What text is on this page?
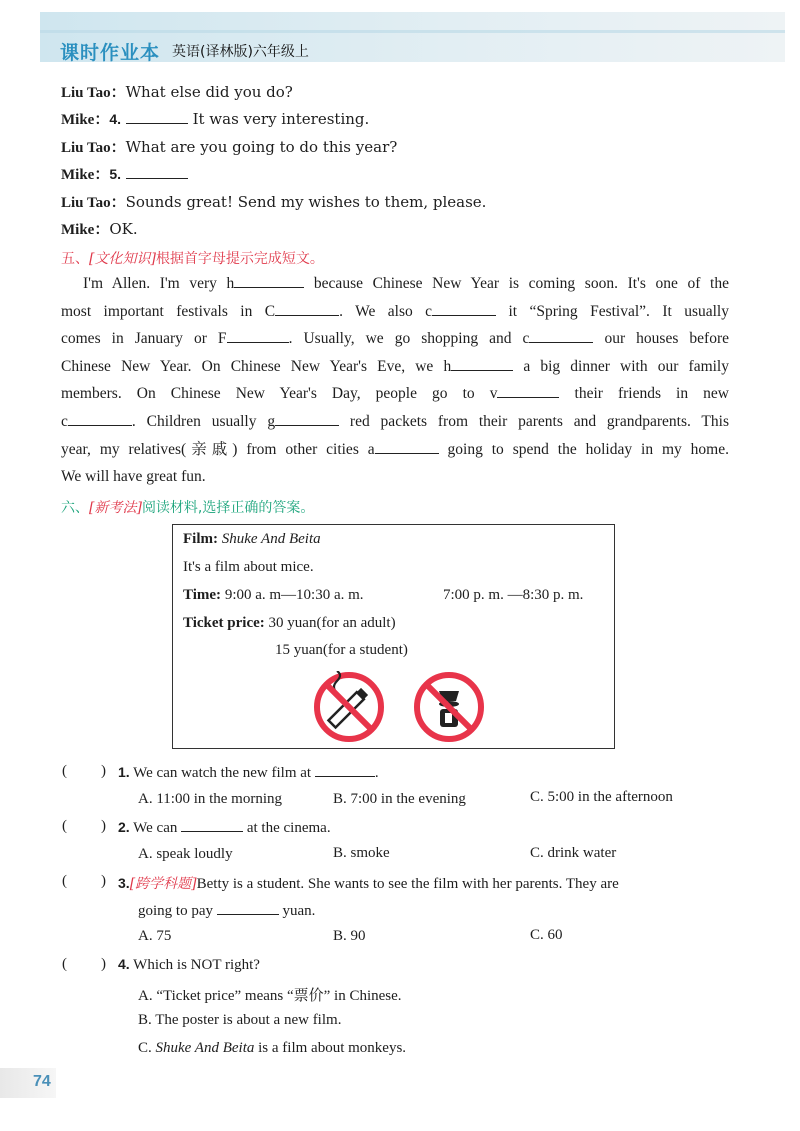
课时作业本 英语(译林版)六年级上
Liu Tao：What else did you do?
Mike：4.	It was very interesting.
Liu Tao：What are you going to do this year?
Mike：5.
Liu Tao：Sounds great! Send my wishes to them, please.
Mike：OK.
五、[文化知识]根据首字母提示完成短文。
I'm Allen. I'm very h	because Chinese New Year is coming soon. It's one of the
most important festivals in C	. We also c	it “Spring Festival”. It usually
comes in January or F	. Usually, we go shopping and c	our houses before
Chinese New Year. On Chinese New Year's Eve, we h	a big dinner with our family
members. On Chinese New Year's Day, people go to v	their friends in new
c	. Children usually g	red packets from their parents and grandparents. This
year, my relatives(亲戚) from other cities a	going to spend the holiday in my home.
We will have great fun.
六、[新考法]阅读材料,选择正确的答案。
Film: Shuke And Beita
It's a film about mice.
Time: 9:00 a. m—10:30 a. m.	7:00 p. m. —8:30 p. m.
Ticket price: 30 yuan(for an adult)
15 yuan(for a student)
( ) 1. We can watch the new film at	.
A. 11:00 in the morning	B. 7:00 in the evening	C. 5:00 in the afternoon
( ) 2. We can	at the cinema.
A. speak loudly	B. smoke	C. drink water
( ) 3.[跨学科题]Betty is a student. She wants to see the film with her parents. They are
going to pay	yuan.
A. 75	B. 90	C. 60
( ) 4. Which is NOT right?
A. “Ticket price” means “票价” in Chinese.
B. The poster is about a new film.
C. Shuke And Beita is a film about monkeys.
74
